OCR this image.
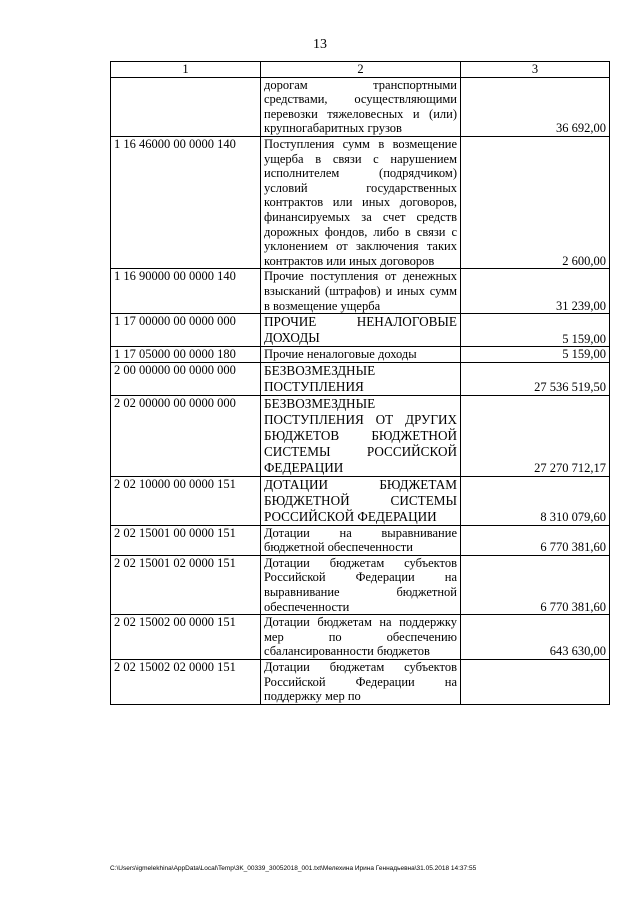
13
1	2	3
	дорогам транспортными средствами, осуществляющими перевозки тяжеловесных и (или) крупногабаритных грузов	36 692,00
1 16 46000 00 0000 140	Поступления сумм в возмещение ущерба в связи с нарушением исполнителем (подрядчиком) условий государственных контрактов или иных договоров, финансируемых за счет средств дорожных фондов, либо в связи с уклонением от заключения таких контрактов или иных договоров	2 600,00
1 16 90000 00 0000 140	Прочие поступления от денежных взысканий (штрафов) и иных сумм в возмещение ущерба	31 239,00
1 17 00000 00 0000 000	ПРОЧИЕ НЕНАЛОГОВЫЕ ДОХОДЫ	5 159,00
1 17 05000 00 0000 180	Прочие неналоговые доходы	5 159,00
2 00 00000 00 0000 000	БЕЗВОЗМЕЗДНЫЕ ПОСТУПЛЕНИЯ	27 536 519,50
2 02 00000 00 0000 000	БЕЗВОЗМЕЗДНЫЕ ПОСТУПЛЕНИЯ ОТ ДРУГИХ БЮДЖЕТОВ БЮДЖЕТНОЙ СИСТЕМЫ РОССИЙСКОЙ ФЕДЕРАЦИИ	27 270 712,17
2 02 10000 00 0000 151	ДОТАЦИИ БЮДЖЕТАМ БЮДЖЕТНОЙ СИСТЕМЫ РОССИЙСКОЙ ФЕДЕРАЦИИ	8 310 079,60
2 02 15001 00 0000 151	Дотации на выравнивание бюджетной обеспеченности	6 770 381,60
2 02 15001 02 0000 151	Дотации бюджетам субъектов Российской Федерации на выравнивание бюджетной обеспеченности	6 770 381,60
2 02 15002 00 0000 151	Дотации бюджетам на поддержку мер по обеспечению сбалансированности бюджетов	643 630,00
2 02 15002 02 0000 151	Дотации бюджетам субъектов Российской Федерации на поддержку мер по	
C:\Users\igmelekhina\AppData\Local\Temp\3K_00339_30052018_001.txt\Мелехина Ирина Геннадьевна\31.05.2018 14:37:55
